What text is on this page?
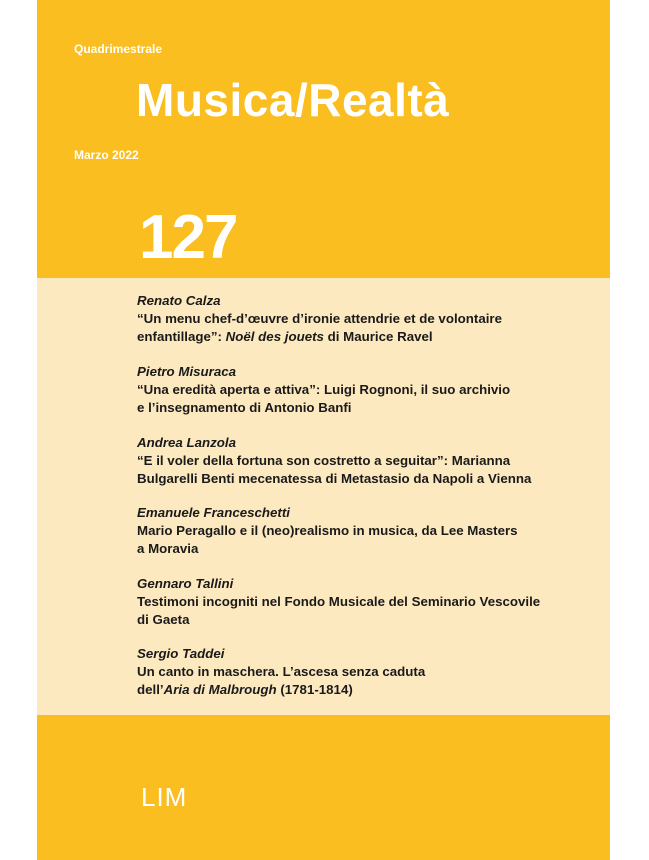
Quadrimestrale
Musica/Realtà
Marzo 2022
127
Renato Calza
“Un menu chef-d’œuvre d’ironie attendrie et de volontaire
enfantillage”: Noël des jouets di Maurice Ravel
Pietro Misuraca
“Una eredità aperta e attiva”: Luigi Rognoni, il suo archivio
e l’insegnamento di Antonio Banfi
Andrea Lanzola
“E il voler della fortuna son costretto a seguitar”: Marianna
Bulgarelli Benti mecenatessa di Metastasio da Napoli a Vienna
Emanuele Franceschetti
Mario Peragallo e il (neo)realismo in musica, da Lee Masters
a Moravia
Gennaro Tallini
Testimoni incogniti nel Fondo Musicale del Seminario Vescovile
di Gaeta
Sergio Taddei
Un canto in maschera. L’ascesa senza caduta
dell’Aria di Malbrough (1781-1814)
LIM
